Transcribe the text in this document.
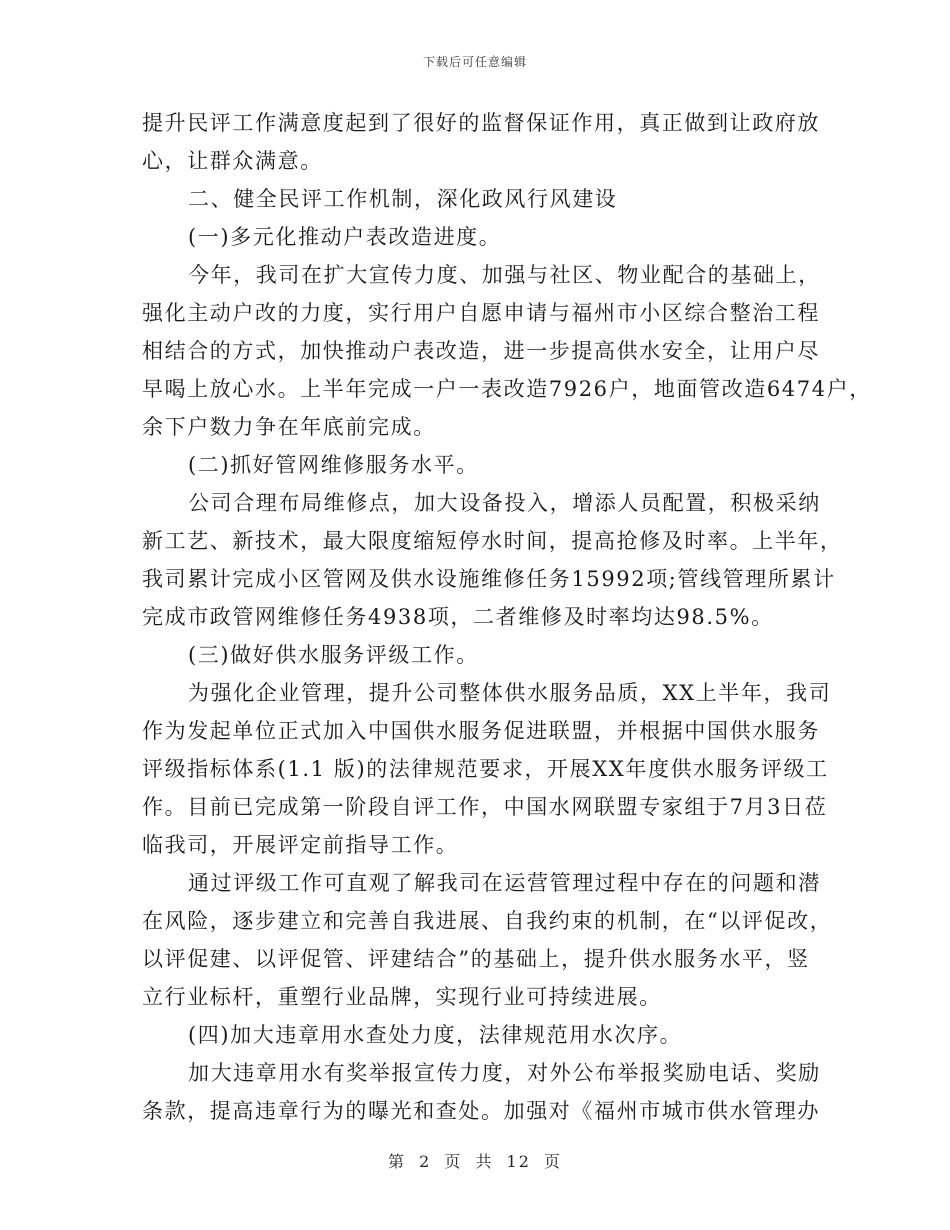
下载后可任意编辑
提升民评工作满意度起到了很好的监督保证作用，真正做到让政府放
心，让群众满意。
二、健全民评工作机制，深化政风行风建设
(一)多元化推动户表改造进度。
今年，我司在扩大宣传力度、加强与社区、物业配合的基础上，
强化主动户改的力度，实行用户自愿申请与福州市小区综合整治工程
相结合的方式，加快推动户表改造，进一步提高供水安全，让用户尽
早喝上放心水。上半年完成一户一表改造7926户，地面管改造6474户，
余下户数力争在年底前完成。
(二)抓好管网维修服务水平。
公司合理布局维修点，加大设备投入，增添人员配置，积极采纳
新工艺、新技术，最大限度缩短停水时间，提高抢修及时率。上半年，
我司累计完成小区管网及供水设施维修任务15992项;管线管理所累计
完成市政管网维修任务4938项，二者维修及时率均达98.5%。
(三)做好供水服务评级工作。
为强化企业管理，提升公司整体供水服务品质，XX上半年，我司
作为发起单位正式加入中国供水服务促进联盟，并根据中国供水服务
评级指标体系(1.1 版)的法律规范要求，开展XX年度供水服务评级工
作。目前已完成第一阶段自评工作，中国水网联盟专家组于7月3日莅
临我司，开展评定前指导工作。
通过评级工作可直观了解我司在运营管理过程中存在的问题和潜
在风险，逐步建立和完善自我进展、自我约束的机制，在“以评促改，
以评促建、以评促管、评建结合”的基础上，提升供水服务水平，竖
立行业标杆，重塑行业品牌，实现行业可持续进展。
(四)加大违章用水查处力度，法律规范用水次序。
加大违章用水有奖举报宣传力度，对外公布举报奖励电话、奖励
条款，提高违章行为的曝光和查处。加强对《福州市城市供水管理办
第 2 页 共 12 页
